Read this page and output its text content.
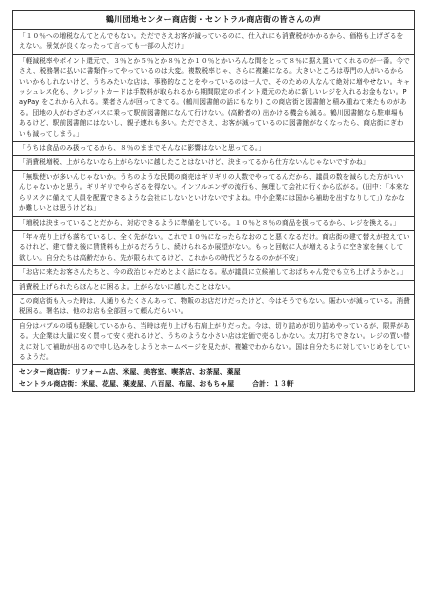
鶴川団地センター商店街・セントラル商店街の皆さんの声
「１０％への増税なんてとんでもない。ただでさえお客が減っているのに、仕入れにも消費税がかかるから、価格も上げざるをえない。景気が良くなったって言っても一部の人だけ」
「軽減税率やポイント還元で、３％とか５％とか８％とか１０％とかいろんな間をとって８％に据え置いてくれるのが一番。今でさえ、税務署に払いに書類作ってやっているのは大変。複数税率じゃ、さらに複雑になる。大きいところは専門の人がいるからいいかもしれないけど、うちみたいな店は、事務的なことをやっているのは一人で、そのための人なんて絶対に増やせない。キャッシュレス化も、クレジットカードは手数料が取られるから期間限定のポイント還元のために新しいレジを入れるお金もない。PayPay をこれから入れる。業者さんが回ってきてる。(鶴川図書館の話にもなり) この商店街と図書館と積み重ねて来たものがある。団地の人がわざわざバスに乗って駅前図書館になんて行けない。(高齢者の) 出かける機会も減る。鶴川図書館なら駐車場もあるけど、駅前図書館にはないし、親子連れも多い。ただでさえ、お客が減っているのに図書館がなくなったら、商店街にぎわいも減ってしまう。」
「うちは食品のみ扱ってるから、８％のままでそんなに影響はないと思ってる。」
「消費税増税、上がらないなら上がらないに越したことはないけど、決まってるから仕方ないんじゃないですかね」
「無駄使いが多いんじゃないか。うちのような民間の商売はギリギリの人数でやってるんだから、議員の数を減らした方がいいんじゃないかと思う。ギリギリでやらざるを得ない。インフルエンザの流行も、無理して会社に行くから広がる。(田中：「本来ならリスクに備えて人員を配置できるような会社にしないといけないですよね。中小企業には国から補助を出すなりして」) なかなか難しいとは思うけどね」
「増税は決まっていることだから、対応できるように準備をしている。１０％と８％の商品を扱ってるから、レジを換える。」
「年々売り上げも落ちているし、全く先がない。これで１０％になったらなおのこと悪くなるだけ。商店街の建て替えが控えているけれど、建て替え後に賃貸料も上がるだろうし、続けられるか展望がない。もっと回転に人が増えるように空き家を無くして欲しい。自分たちは高齢だから、先が限られてるけど、これからの時代どうなるのかが不安」
「お店に来たお客さんたちと、今の政治じゃだめとよく話になる。私が議員に立候補しておばちゃん党でも立ち上げようかと。」
消費税上げられたらほんとに困るよ。上がらないに越したことはない。
この商店街も入った時は、人通りもたくさんあって、物販のお店だけだったけど、今はそうでもない。賑わいが減っている。消費税困る。署名は、他のお店も全部回って頼んだらいい。
自分はバブルの頃も経験しているから、当時は売り上げも右肩上がりだった。今は、切り詰めが切り詰めやっているが、限界がある。大企業は大量に安く買って安く売れるけど、うちのような小さい店は定価で売るしかない。太刀打ちできない。レジの買い替えに対して補助が出るので申し込みをしようとホームページを見たが、複雑でわからない。国は自分たちに対していじめをしているようだ。
センター商店街：リフォーム店、米屋、美容室、喫茶店、お茶屋、薬屋
セントラル商店街：米屋、花屋、薬麦屋、八百屋、布屋、おもちゃ屋	合計：１３軒
